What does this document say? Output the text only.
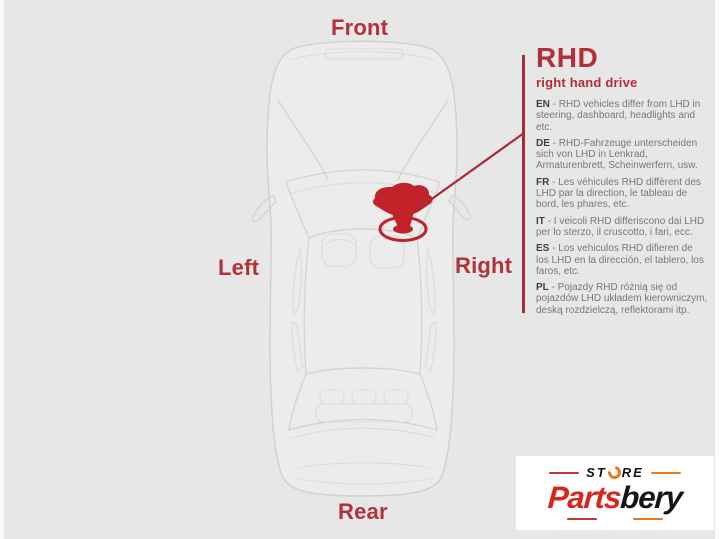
Front
Left	Right
Rear
RHD
right hand drive
EN - RHD vehicles differ from LHD in steering, dashboard, headlights and etc.
DE - RHD-Fahrzeuge unterscheiden sich von LHD in Lenkrad, Armaturenbrett, Scheinwerfern, usw.
FR - Les véhicules RHD diffèrent des LHD par la direction, le tableau de bord, les phares, etc.
IT - I veicoli RHD differiscono dai LHD per lo sterzo, il cruscotto, i fari, ecc.
ES - Los vehiculos RHD difieren de los LHD en la dirección, el tablero, los faros, etc.
PL - Pojazdy RHD różnią się od pojazdów LHD układem kierowniczym, deską rozdzielczą, reflektorami itp.
ST RE
Partsbery
